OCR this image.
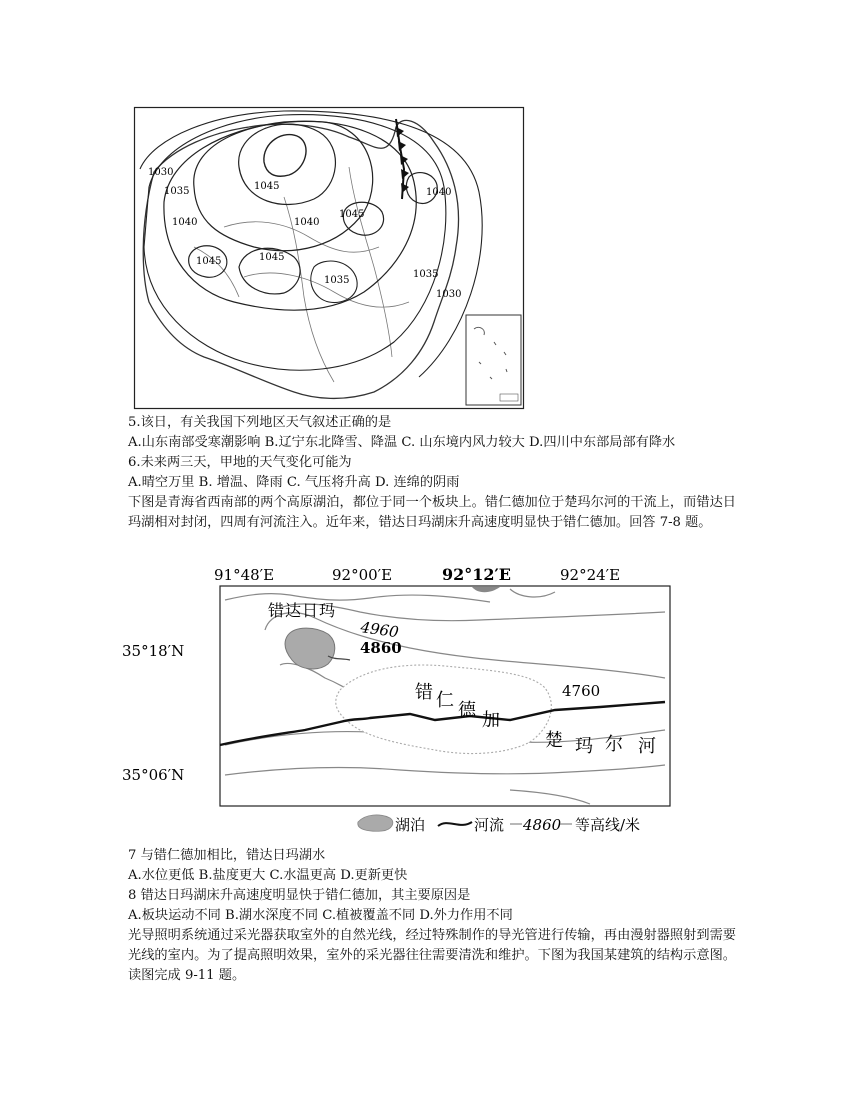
1030
1035	1045
1040
1045
1040
1040
1045
1045
1035
1035
1030
5.该日，有关我国下列地区天气叙述正确的是
A.山东南部受寒潮影响 B.辽宁东北降雪、降温 C. 山东境内风力较大 D.四川中东部局部有降水
6.未来两三天，甲地的天气变化可能为
A.晴空万里 B. 增温、降雨 C. 气压将升高 D. 连绵的阴雨
下图是青海省西南部的两个高原湖泊，都位于同一个板块上。错仁德加位于楚玛尔河的干流上，而错达日玛湖相对封闭，四周有河流注入。近年来，错达日玛湖床升高速度明显快于错仁德加。回答 7-8 题。
91°48′E	92°00′E	92°12′E	92°24′E
35°18′N
35°06′N
错达日玛
错 仁 德 加
楚 玛 尔 河
4960
4860
4760
湖泊	河流 4860 等高线/米
7 与错仁德加相比，错达日玛湖水
A.水位更低 B.盐度更大 C.水温更高 D.更新更快
8 错达日玛湖床升高速度明显快于错仁德加，其主要原因是
A.板块运动不同 B.湖水深度不同 C.植被覆盖不同 D.外力作用不同
光导照明系统通过采光器获取室外的自然光线，经过特殊制作的导光管进行传输，再由漫射器照射到需要光线的室内。为了提高照明效果，室外的采光器往往需要清洗和维护。下图为我国某建筑的结构示意图。读图完成 9-11 题。
